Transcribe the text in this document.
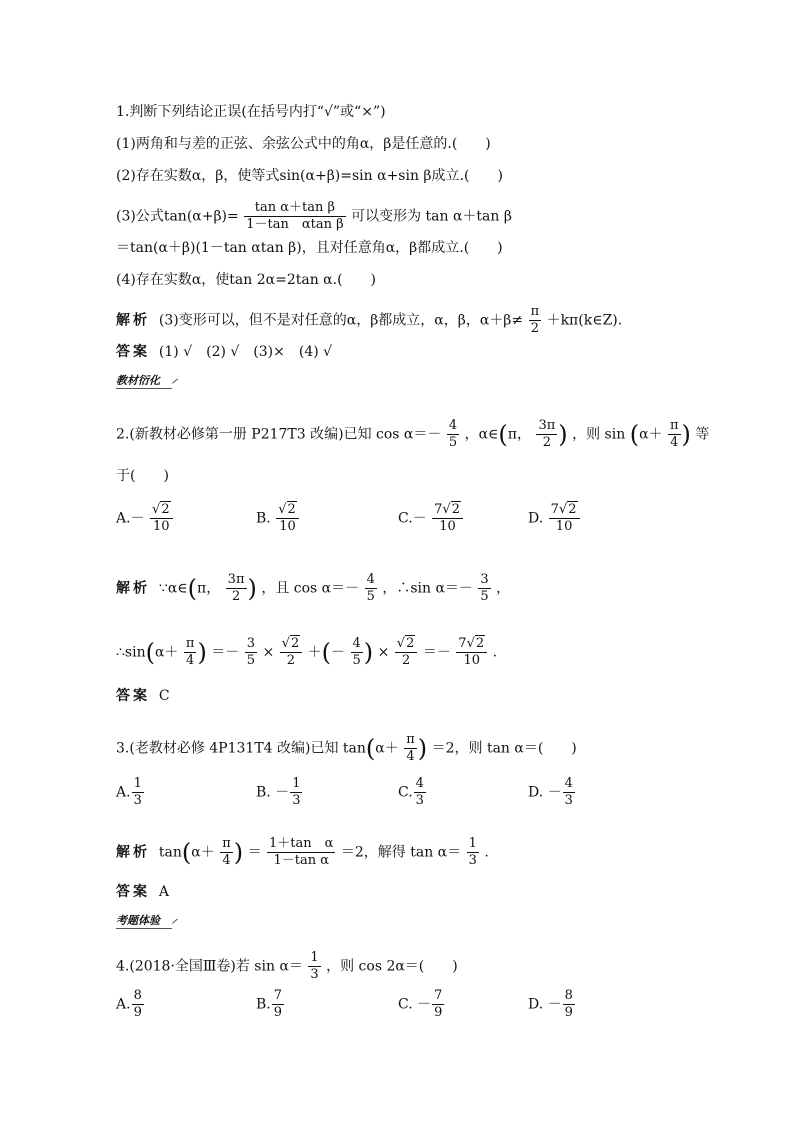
1.判断下列结论正误(在括号内打“√”或“×”)
(1)两角和与差的正弦、余弦公式中的角α，β是任意的.(　　)
(2)存在实数α，β，使等式sin(α+β)=sin α+sin β成立.(　　)
(3)公式$\tan(\alpha+\beta)= \frac{\text{tan α＋tan β}}{\text{1－tan　αtan β}}$ 可以变形为 tan α＋tan β
＝tan(α＋β)(1－tan αtan β)，且对任意角α，β都成立.(　　)
(4)存在实数α，使tan 2α=2tan α.(　　)
解析 (3)变形可以，但不是对任意的α，β都成立，α，β，$\alpha+\beta\ne \frac{\pi}{2}$ ＋kπ(k∈Z).
答案 (1) √　(2) √　(3)×　(4) √
教材衍化
2.(新教材必修第一册 P217T3 改编)已知 $\cos \alpha=- \frac{4}{5}$ ，α∈(π， $\frac{3\pi}{2}$ ) ，则 $\sin (\alpha+ \frac{\pi}{4}$ ) 等
于(　　)
$A.- \frac{√2}{10}$	B. $\frac{√2}{10}$	$C.- \frac{7√2}{10}$	D. $\frac{7√2}{10}$
解析 ∵α∈(π， $\frac{3\pi}{2}$ ) ，且 $\cos \alpha=- \frac{4}{5}$ ，∴sin $\alpha=- \frac{3}{5}$ ，
∴sin(α＋ $\frac{\pi}{4}$ ) ＝－ $\frac{3}{5} \times \frac{√2}{2}$ ＋(－ $\frac{4}{5}$ ) × $\frac{√2}{2} =- \frac{7√2}{10}$ .
答案 C
3.(老教材必修 4P131T4 改编)已知 $\tan(\alpha+ \frac{\pi}{4}$ ) ＝2，则 tan α＝(　　)
A. $\frac{1}{3}$	B. － $\frac{1}{3}$	C. $\frac{4}{3}$	D. － $\frac{4}{3}$
解析 $\tan(\alpha+ \frac{\pi}{4}$ ) ＝ $\frac{\text{1＋tan　α}}{\text{1－tan α}} =2$，解得 $\tan \alpha= \frac{1}{3}$ .
答案 A
考题体验
4.(2018·全国Ⅲ卷)若 $\sin \alpha= \frac{1}{3}$ ，则 cos 2α＝(　　)
A. $\frac{8}{9}$	B. $\frac{7}{9}$	C. － $\frac{7}{9}$	D. － $\frac{8}{9}$
